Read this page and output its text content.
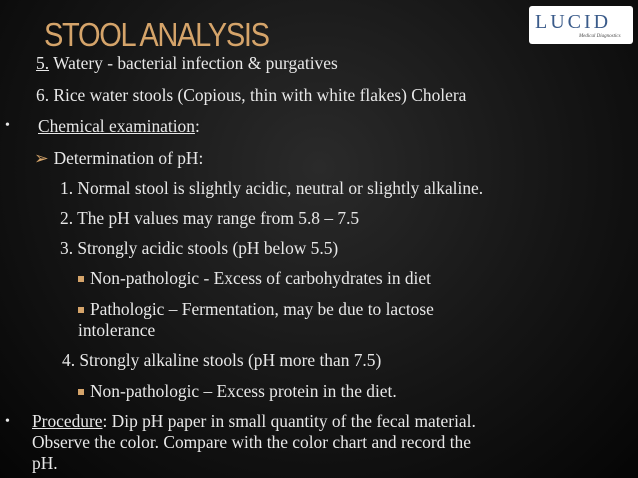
STOOL ANALYSIS	LUCID
Medical Diagnostics
5. Watery - bacterial infection & purgatives
6. Rice water stools (Copious, thin with white flakes) Cholera
• Chemical examination:
➢ Determination of pH:
1. Normal stool is slightly acidic, neutral or slightly alkaline.
2. The pH values may range from 5.8 – 7.5
3. Strongly acidic stools (pH below 5.5)
Non-pathologic - Excess of carbohydrates in diet
Pathologic – Fermentation, may be due to lactose
intolerance
4. Strongly alkaline stools (pH more than 7.5)
Non-pathologic – Excess protein in the diet.
• Procedure: Dip pH paper in small quantity of the fecal material.
Observe the color. Compare with the color chart and record the
pH.
